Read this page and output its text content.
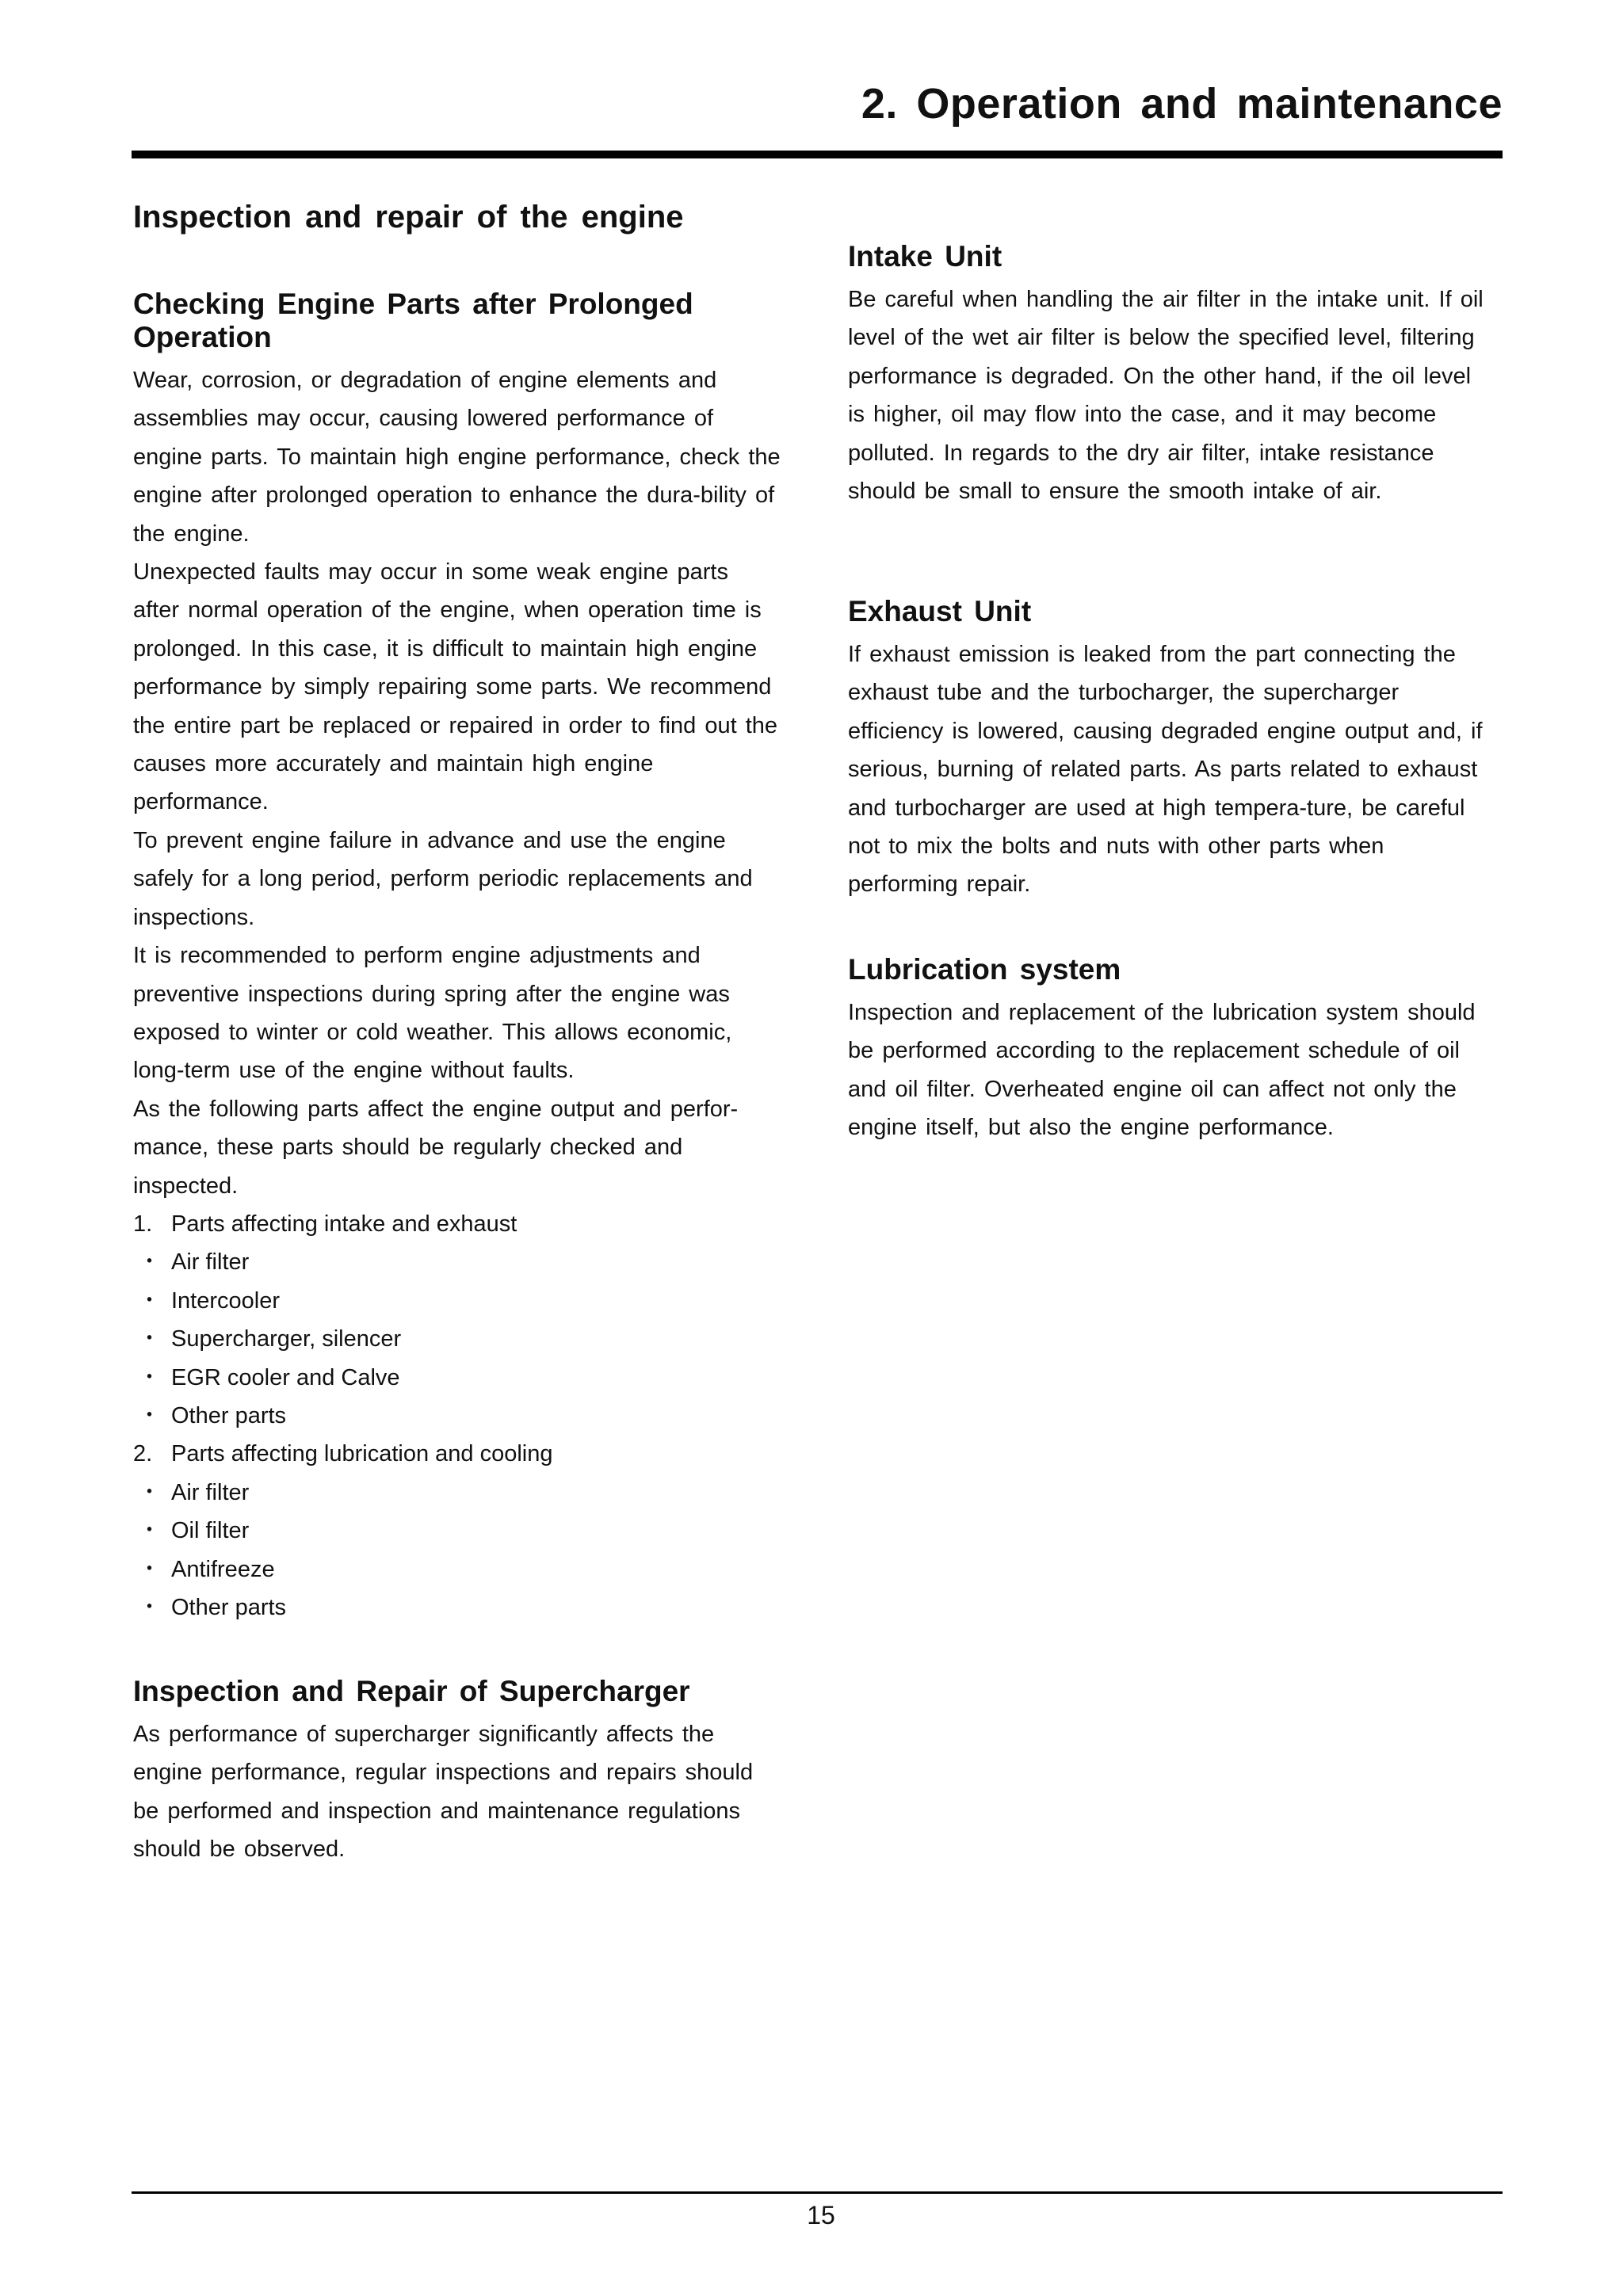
2. Operation and maintenance
Inspection and repair of the engine
Checking Engine Parts after Prolonged Operation

Wear, corrosion, or degradation of engine elements and assemblies may occur, causing lowered performance of engine parts. To maintain high engine performance, check the engine after prolonged operation to enhance the dura-bility of the engine.

Unexpected faults may occur in some weak engine parts after normal operation of the engine, when operation time is prolonged. In this case, it is difficult to maintain high engine performance by simply repairing some parts. We recommend the entire part be replaced or repaired in order to find out the causes more accurately and maintain high engine performance.

To prevent engine failure in advance and use the engine safely for a long period, perform periodic replacements and inspections.

It is recommended to perform engine adjustments and preventive inspections during spring after the engine was exposed to winter or cold weather. This allows economic, long-term use of the engine without faults.

As the following parts affect the engine output and perfor-mance, these parts should be regularly checked and inspected.

1. Parts affecting intake and exhaust
・ Air filter
・ Intercooler
・ Supercharger, silencer
・ EGR cooler and Calve
・ Other parts
2. Parts affecting lubrication and cooling
・ Air filter
・ Oil filter
・ Antifreeze
・ Other parts
Inspection and Repair of Supercharger

As performance of supercharger significantly affects the engine performance, regular inspections and repairs should be performed and inspection and maintenance regulations should be observed.

Intake Unit

Be careful when handling the air filter in the intake unit. If oil level of the wet air filter is below the specified level, filtering performance is degraded. On the other hand, if the oil level is higher, oil may flow into the case, and it may become polluted. In regards to the dry air filter, intake resistance should be small to ensure the smooth intake of air.

Exhaust Unit

If exhaust emission is leaked from the part connecting the exhaust tube and the turbocharger, the supercharger efficiency is lowered, causing degraded engine output and, if serious, burning of related parts. As parts related to exhaust and turbocharger are used at high tempera-ture, be careful not to mix the bolts and nuts with other parts when performing repair.

Lubrication system

Inspection and replacement of the lubrication system should be performed according to the replacement schedule of oil and oil filter. Overheated engine oil can affect not only the engine itself, but also the engine performance.

15
